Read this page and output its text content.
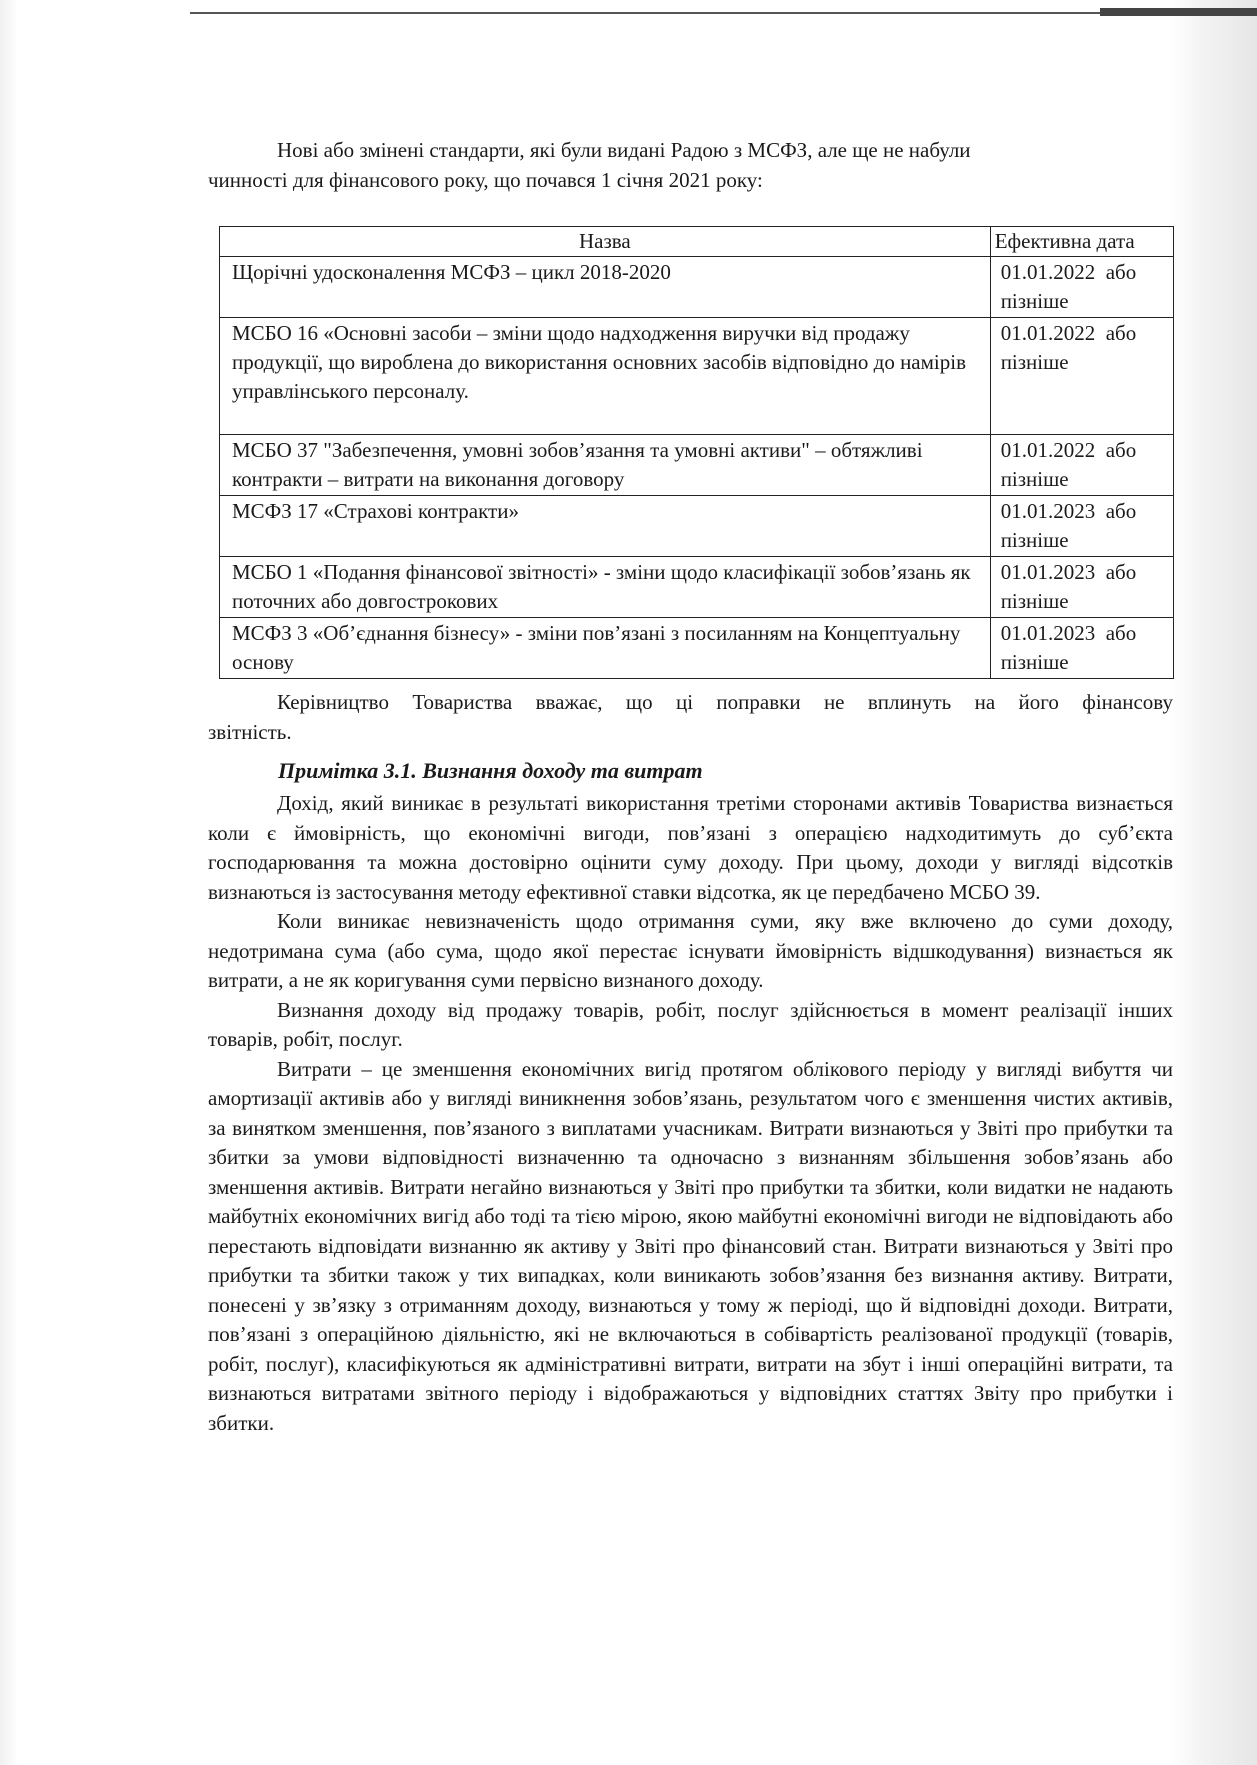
Нові або змінені стандарти, які були видані Радою з МСФЗ, але ще не набули
чинності для фінансового року, що почався 1 січня 2021 року:
Назва	Ефективна дата
Щорічні удосконалення МСФЗ – цикл 2018-2020	01.01.2022  або
пізніше

МСБО 16 «Основні засоби – зміни щодо надходження виручки від продажу продукції, що вироблена до використання основних засобів відповідно до намірів управлінського персоналу.	01.01.2022  або
пізніше

МСБО 37 "Забезпечення, умовні зобов’язання та умовні активи" – обтяжливі контракти – витрати на виконання договору	01.01.2022  або
пізніше

МСФЗ 17 «Страхові контракти»	01.01.2023  або
пізніше

МСБО 1 «Подання фінансової звітності» - зміни щодо класифікації зобов’язань як поточних або довгострокових	01.01.2023  або
пізніше

МСФЗ 3 «Об’єднання бізнесу» - зміни пов’язані з посиланням на Концептуальну основу	01.01.2023  або
пізніше
Керівництво Товариства вважає, що ці поправки не вплинуть на його фінансову
звітність.
Примітка 3.1. Визнання доходу та витрат
Дохід, який виникає в результаті використання третіми сторонами активів Товариства визнається коли є ймовірність, що економічні вигоди, пов’язані з операцією надходитимуть до суб’єкта господарювання та можна достовірно оцінити суму доходу. При цьому, доходи у вигляді відсотків визнаються із застосування методу ефективної ставки відсотка, як це передбачено МСБО 39.
Коли виникає невизначеність щодо отримання суми, яку вже включено до суми доходу, недотримана сума (або сума, щодо якої перестає існувати ймовірність відшкодування) визнається як витрати, а не як коригування суми первісно визнаного доходу.
Визнання доходу від продажу товарів, робіт, послуг здійснюється в момент реалізації інших товарів, робіт, послуг.
Витрати – це зменшення економічних вигід протягом облікового періоду у вигляді вибуття чи амортизації активів або у вигляді виникнення зобов’язань, результатом чого є зменшення чистих активів, за винятком зменшення, пов’язаного з виплатами учасникам. Витрати визнаються у Звіті про прибутки та збитки за умови відповідності визначенню та одночасно з визнанням збільшення зобов’язань або зменшення активів. Витрати негайно визнаються у Звіті про прибутки та збитки, коли видатки не надають майбутніх економічних вигід або тоді та тією мірою, якою майбутні економічні вигоди не відповідають або перестають відповідати визнанню як активу у Звіті про фінансовий стан. Витрати визнаються у Звіті про прибутки та збитки також у тих випадках, коли виникають зобов’язання без визнання активу. Витрати, понесені у зв’язку з отриманням доходу, визнаються у тому ж періоді, що й відповідні доходи. Витрати, пов’язані з операційною діяльністю, які не включаються в собівартість реалізованої продукції (товарів, робіт, послуг), класифікуються як адміністративні витрати, витрати на збут і інші операційні витрати, та визнаються витратами звітного періоду і відображаються у відповідних статтях Звіту про прибутки і збитки.
